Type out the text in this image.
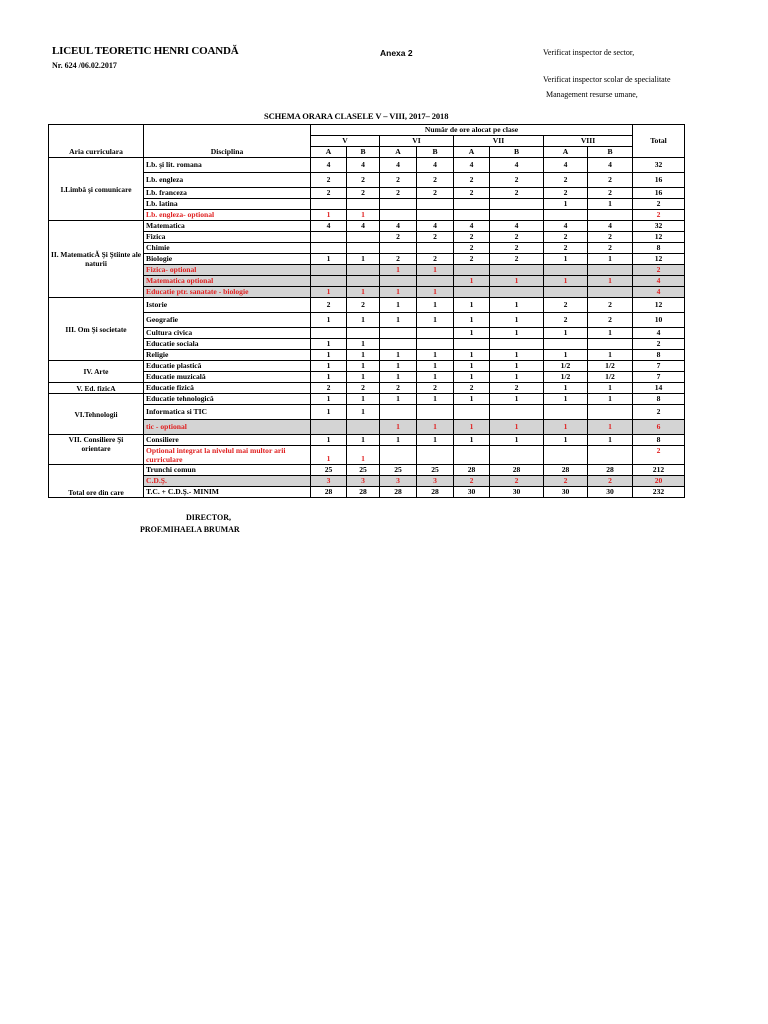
LICEUL TEORETIC HENRI COANDĂ
Nr. 624 /06.02.2017
Anexa 2	Verificat inspector de sector,
Verificat inspector scolar de specialitate
Management resurse umane,
SCHEMA ORARA CLASELE V – VIII, 2017– 2018
Aria curriculara	Disciplina	Număr de ore alocat pe clase								Total
		V		VI		VII		VIII		
		A	B	A	B	A	B	A	B	
I.Limbă şi comunicare	Lb. şi lit. romana	4	4	4	4	4	4	4	4	32
	Lb. engleza	2	2	2	2	2	2	2	2	16
	Lb. franceza	2	2	2	2	2	2	2	2	16
	Lb. latina							1	1	2
	Lb. engleza- optional	1	1							2
II. MatematicĂ Şi Ştiinte ale naturii	Matematica	4	4	4	4	4	4	4	4	32
	Fizica			2	2	2	2	2	2	12
	Chimie					2	2	2	2	8
	Biologie	1	1	2	2	2	2	1	1	12
	Fizica- optional			1	1					2
	Matematica optional					1	1	1	1	4
	Educatie ptr. sanatate - biologie	1	1	1	1					4
III. Om Şi societate	Istorie	2	2	1	1	1	1	2	2	12
	Geografie	1	1	1	1	1	1	2	2	10
	Cultura civica					1	1	1	1	4
	Educatie sociala	1	1							2
	Religie	1	1	1	1	1	1	1	1	8
IV. Arte	Educatie plastică	1	1	1	1	1	1	1/2	1/2	7
	Educatie muzicală	1	1	1	1	1	1	1/2	1/2	7
V. Ed. fizicA	Educatie fizică	2	2	2	2	2	2	1	1	14
VI.Tehnologii	Educatie tehnologică	1	1	1	1	1	1	1	1	8
	Informatica si TIC	1	1							2
	tic - optional			1	1	1	1	1	1	6

VII. Consiliere Şi
orientare	Consiliere	1	1	1	1	1	1	1	1	8
	Optional integrat la nivelul mai multor arii curriculare	1	1							2
Total ore din care	Trunchi comun	25	25	25	25	28	28	28	28	212
	C.D.Ş.	3	3	3	3	2	2	2	2	20
	T.C. + C.D.Ş.- MINIM	28	28	28	28	30	30	30	30	232
DIRECTOR,
PROF.MIHAELA BRUMAR
